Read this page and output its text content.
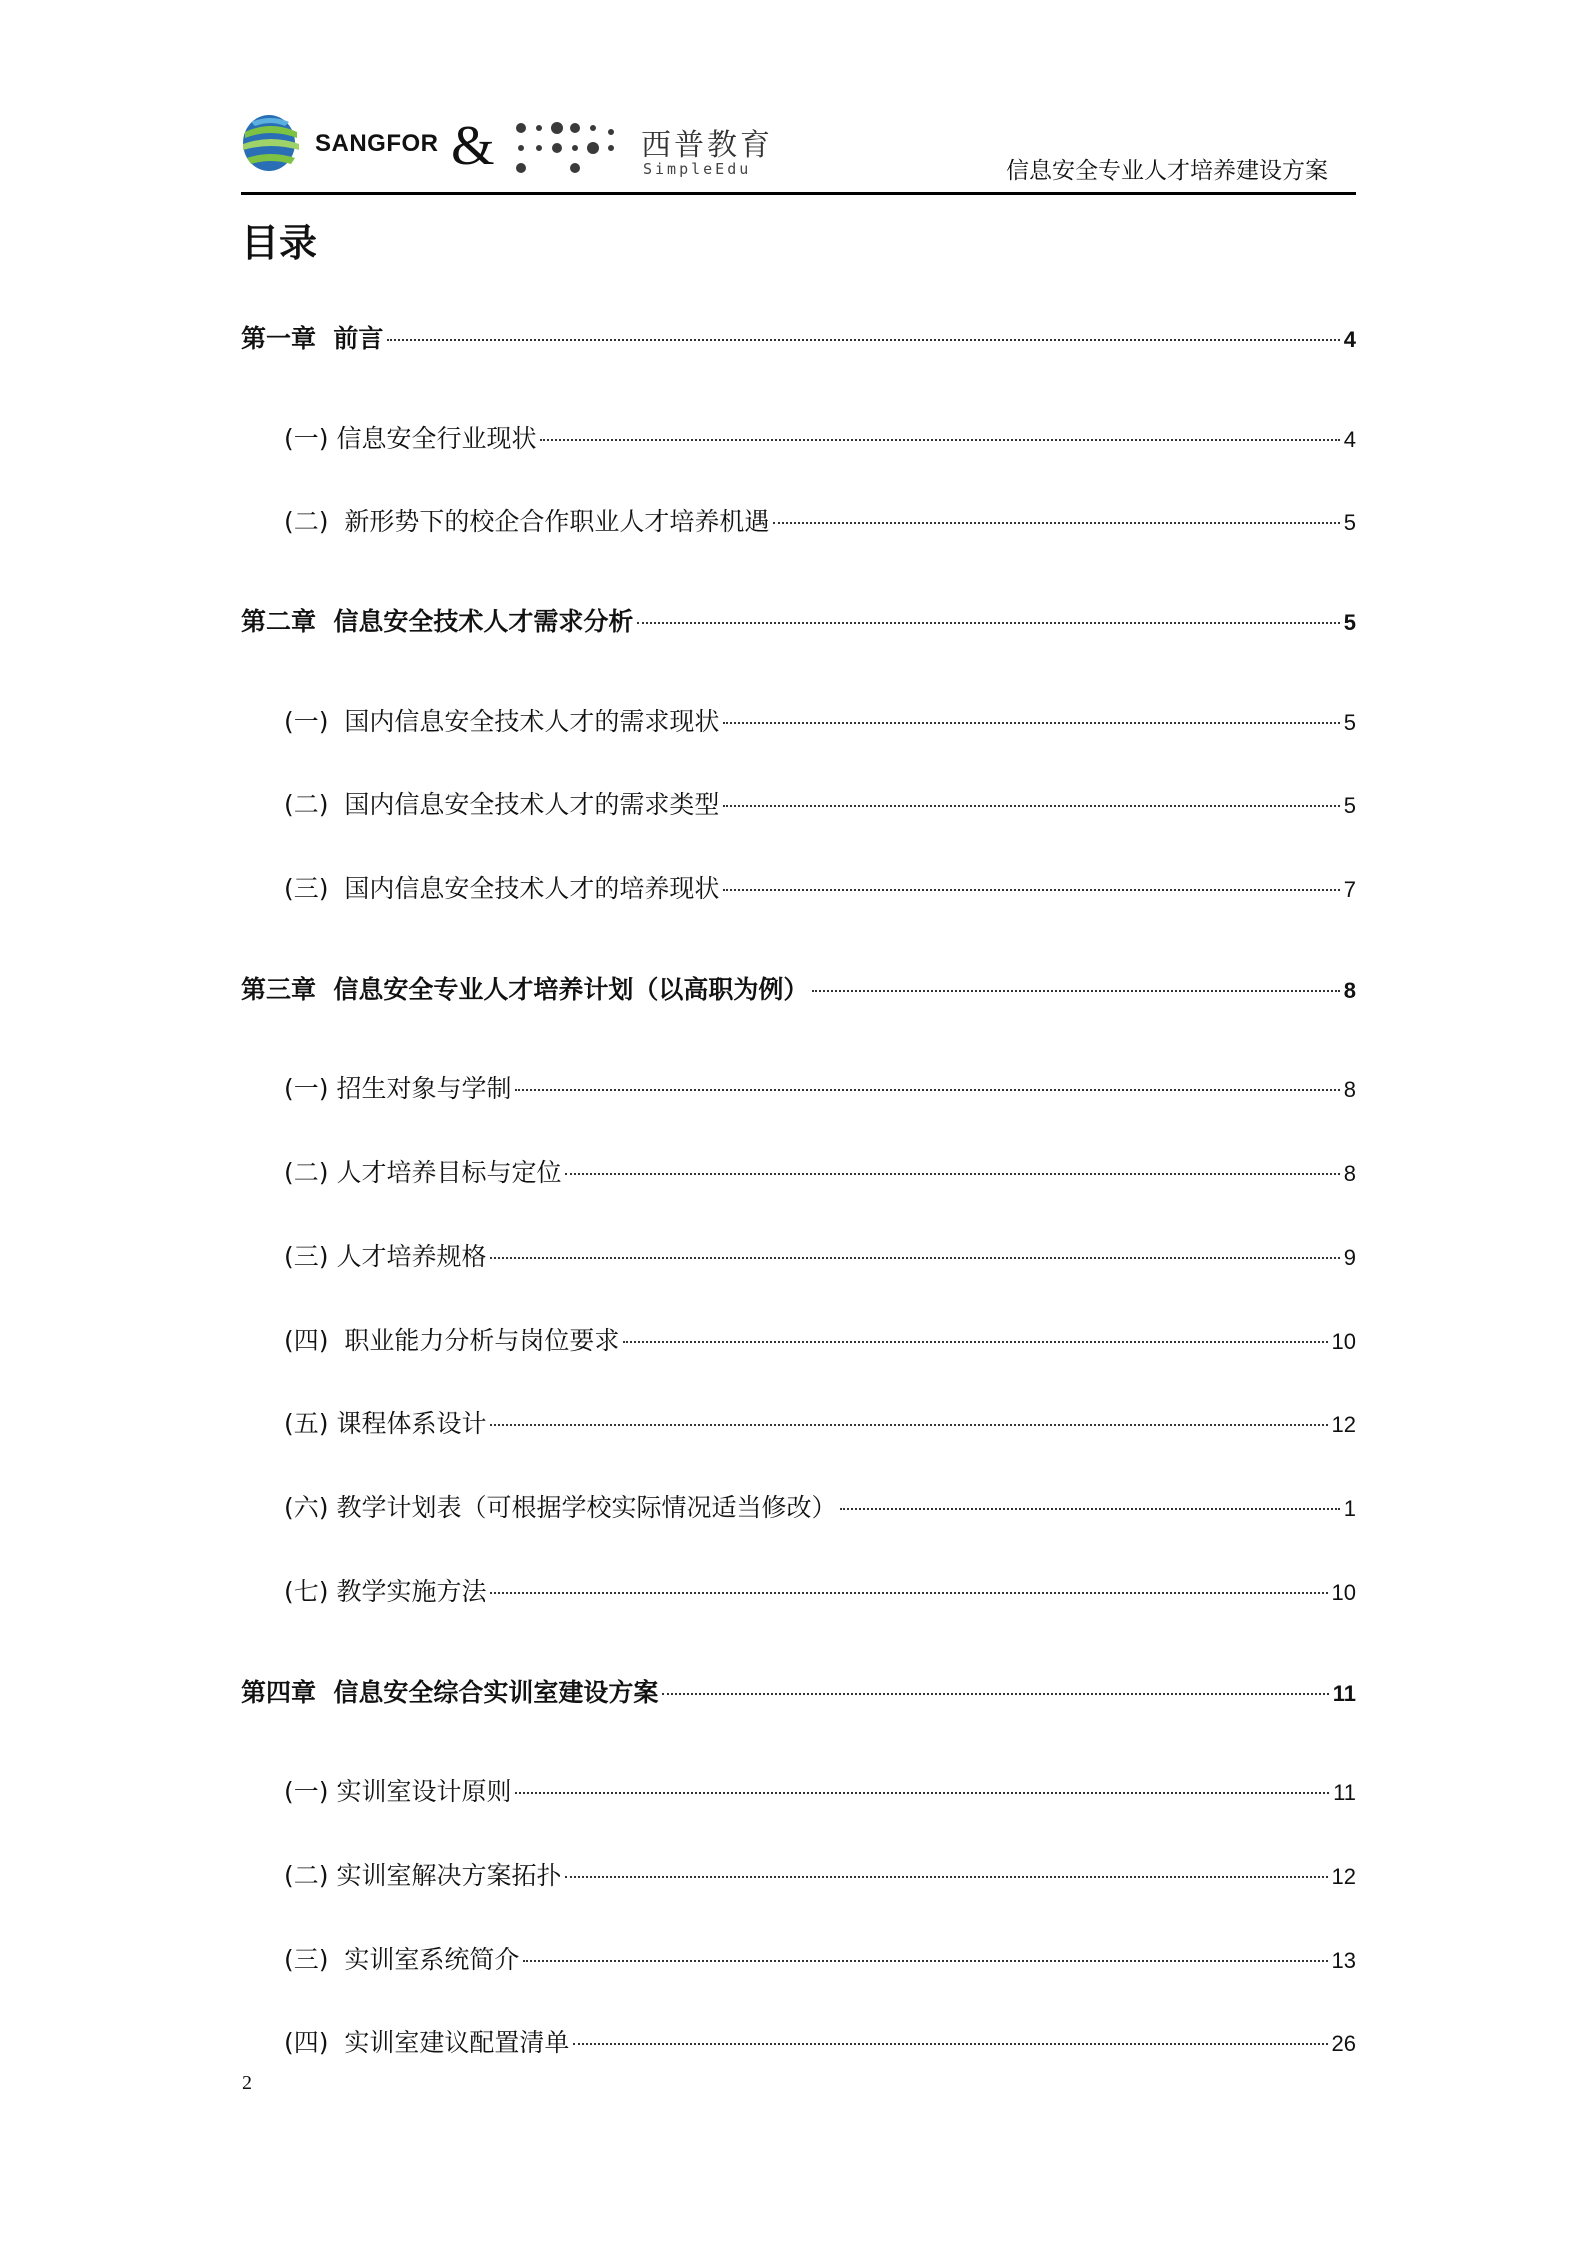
SANGFOR &	西普教育
SimpleEdu	信息安全专业人才培养建设方案
目录
第一章  前言	4
(一) 信息安全行业现状	4
(二)  新形势下的校企合作职业人才培养机遇	5
第二章  信息安全技术人才需求分析	5
(一)  国内信息安全技术人才的需求现状	5
(二)  国内信息安全技术人才的需求类型	5
(三)  国内信息安全技术人才的培养现状	7
第三章  信息安全专业人才培养计划（以高职为例）	8
(一) 招生对象与学制	8
(二) 人才培养目标与定位	8
(三) 人才培养规格	9
(四)  职业能力分析与岗位要求	10
(五) 课程体系设计	12
(六) 教学计划表（可根据学校实际情况适当修改）	1
(七) 教学实施方法	10
第四章  信息安全综合实训室建设方案	11
(一) 实训室设计原则	11
(二) 实训室解决方案拓扑	12
(三)  实训室系统简介	13
(四)  实训室建议配置清单	26
2
